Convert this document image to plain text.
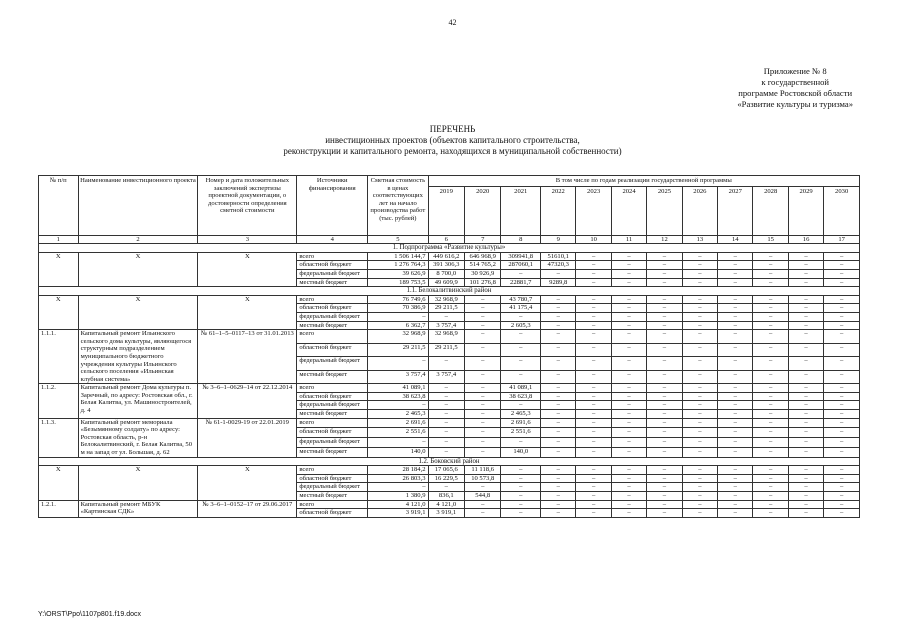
42
Приложение № 8
к государственной
программе Ростовской области
«Развитие культуры и туризма»
ПЕРЕЧЕНЬ
инвестиционных проектов (объектов капитального строительства,
реконструкции и капитального ремонта, находящихся в муниципальной собственности)
№ п/п	Наименование инвестиционного проекта	Номер и дата положительных заключений экспертизы проектной документации, о достоверности определения сметной стоимости	Источники финансирования	Сметная стоимость в ценах соответствующих лет на начало производства работ (тыс. рублей)	В том числе по годам реализации государственной программы											
					2019	2020	2021	2022	2023	2024	2025	2026	2027	2028	2029	2030
1	2	3	4	5	6	7	8	9	10	11	12	13	14	15	16	17
1. Подпрограмма «Развитие культуры»																
Х	Х	Х	всего	1 506 144,7	449 616,2	646 968,9	309941,8	51610,1	–	–	–	–	–	–	–	–
			областной бюджет	1 276 764,3	391 306,3	514 765,2	287060,1	47320,3	–	–	–	–	–	–	–	–
			федеральный бюджет	39 626,9	8 700,0	30 926,9	–	–	–	–	–	–	–	–	–	–
			местный бюджет	189 753,5	49 609,9	101 276,8	22881,7	9289,8	–	–	–	–	–	–	–	–
1.1. Белокалитвинский район																
Х	Х	Х	всего	76 749,6	32 968,9	–	43 780,7	–	–	–	–	–	–	–	–	–
			областной бюджет	70 386,9	29 211,5	–	41 175,4	–	–	–	–	–	–	–	–	–
			федеральный бюджет	–	–	–	–	–	–	–	–	–	–	–	–	–
			местный бюджет	6 362,7	3 757,4	–	2 605,3	–	–	–	–	–	–	–	–	–
1.1.1.	Капитальный ремонт Ильинского сельского дома культуры, являющегося структурным подразделением муниципального бюджетного учреждения культуры Ильинского сельского поселения «Ильинская клубная система»	№ 61–1–5–0117–13 от 31.01.2013	всего	32 968,9	32 968,9	–	–	–	–	–	–	–	–	–	–	–
			областной бюджет	29 211,5	29 211,5	–	–	–	–	–	–	–	–	–	–	–
			федеральный бюджет	–	–	–	–	–	–	–	–	–	–	–	–	–
			местный бюджет	3 757,4	3 757,4	–	–	–	–	–	–	–	–	–	–	–
1.1.2.	Капитальный ремонт Дома культуры п. Заречный, по адресу: Ростовская обл., г. Белая Калитва, ул. Машиностроителей, д. 4	№ 3–6–1–0629–14 от 22.12.2014	всего	41 089,1	–	–	41 089,1	–	–	–	–	–	–	–	–	–
			областной бюджет	38 623,8	–	–	38 623,8	–	–	–	–	–	–	–	–	–
			федеральный бюджет	–	–	–	–	–	–	–	–	–	–	–	–	–
			местный бюджет	2 465,3	–	–	2 465,3	–	–	–	–	–	–	–	–	–
1.1.3.	Капитальный ремонт мемориала «Безымянному солдату» по адресу: Ростовская область, р-н Белокалитвинский, г. Белая Калитва, 50 м на запад от ул. Большая, д. 62	№ 61-1-0029-19 от 22.01.2019	всего	2 691,6	–	–	2 691,6	–	–	–	–	–	–	–	–	–
			областной бюджет	2 551,6	–	–	2 551,6	–	–	–	–	–	–	–	–	–
			федеральный бюджет	–	–	–	–	–	–	–	–	–	–	–	–	–
			местный бюджет	140,0	–	–	140,0	–	–	–	–	–	–	–	–	–
1.2. Боковский район																
Х	Х	Х	всего	28 184,2	17 065,6	11 118,6	–	–	–	–	–	–	–	–	–	–
			областной бюджет	26 803,3	16 229,5	10 573,8	–	–	–	–	–	–	–	–	–	–
			федеральный бюджет	–	–	–	–	–	–	–	–	–	–	–	–	–
			местный бюджет	1 380,9	836,1	544,8	–	–	–	–	–	–	–	–	–	–
1.2.1.	Капитальный ремонт МБУК «Картинская СДК»	№ 3–6–1–0152–17 от 29.06.2017	всего	4 121,0	4 121,0	–	–	–	–	–	–	–	–	–	–	–
			областной бюджет	3 919,1	3 919,1	–	–	–	–	–	–	–	–	–	–	–
Y:\ORST\Ppo\1107p801.f19.docx
